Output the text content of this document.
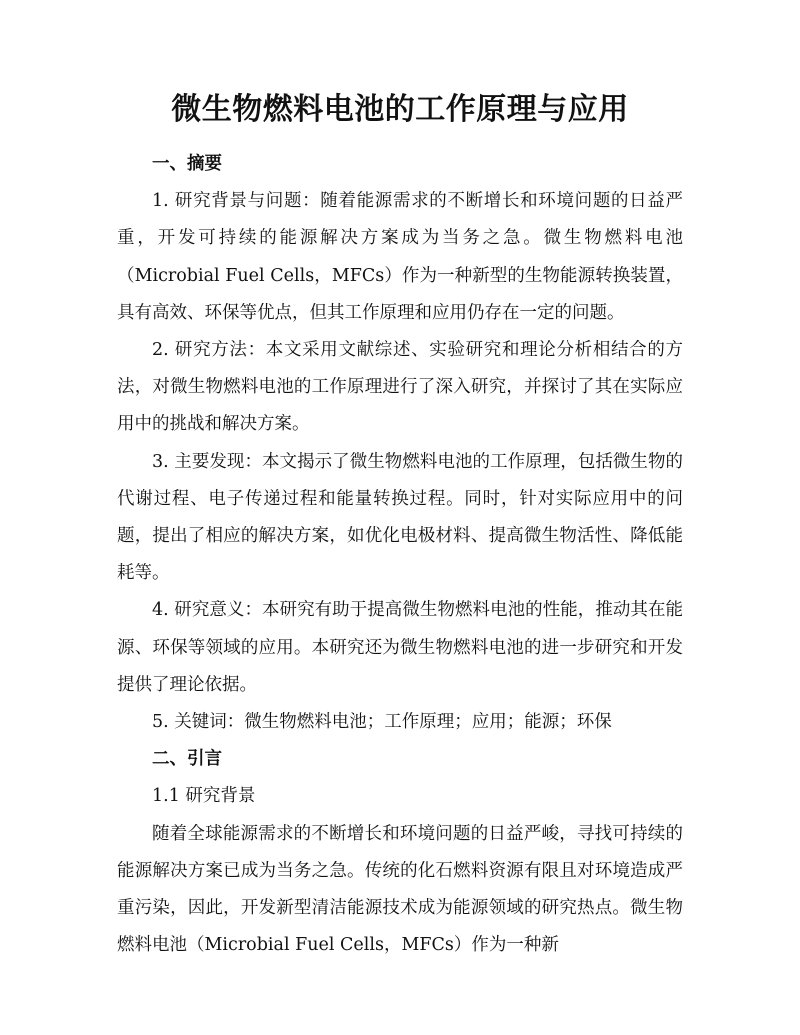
微生物燃料电池的工作原理与应用
一、摘要

1. 研究背景与问题：随着能源需求的不断增长和环境问题的日益严重，开发可持续的能源解决方案成为当务之急。微生物燃料电池（Microbial Fuel Cells，MFCs）作为一种新型的生物能源转换装置，具有高效、环保等优点，但其工作原理和应用仍存在一定的问题。

2. 研究方法：本文采用文献综述、实验研究和理论分析相结合的方法，对微生物燃料电池的工作原理进行了深入研究，并探讨了其在实际应用中的挑战和解决方案。

3. 主要发现：本文揭示了微生物燃料电池的工作原理，包括微生物的代谢过程、电子传递过程和能量转换过程。同时，针对实际应用中的问题，提出了相应的解决方案，如优化电极材料、提高微生物活性、降低能耗等。

4. 研究意义：本研究有助于提高微生物燃料电池的性能，推动其在能源、环保等领域的应用。本研究还为微生物燃料电池的进一步研究和开发提供了理论依据。

5. 关键词：微生物燃料电池；工作原理；应用；能源；环保

二、引言
1.1 研究背景

随着全球能源需求的不断增长和环境问题的日益严峻，寻找可持续的能源解决方案已成为当务之急。传统的化石燃料资源有限且对环境造成严重污染，因此，开发新型清洁能源技术成为能源领域的研究热点。微生物燃料电池（Microbial Fuel Cells，MFCs）作为一种新
